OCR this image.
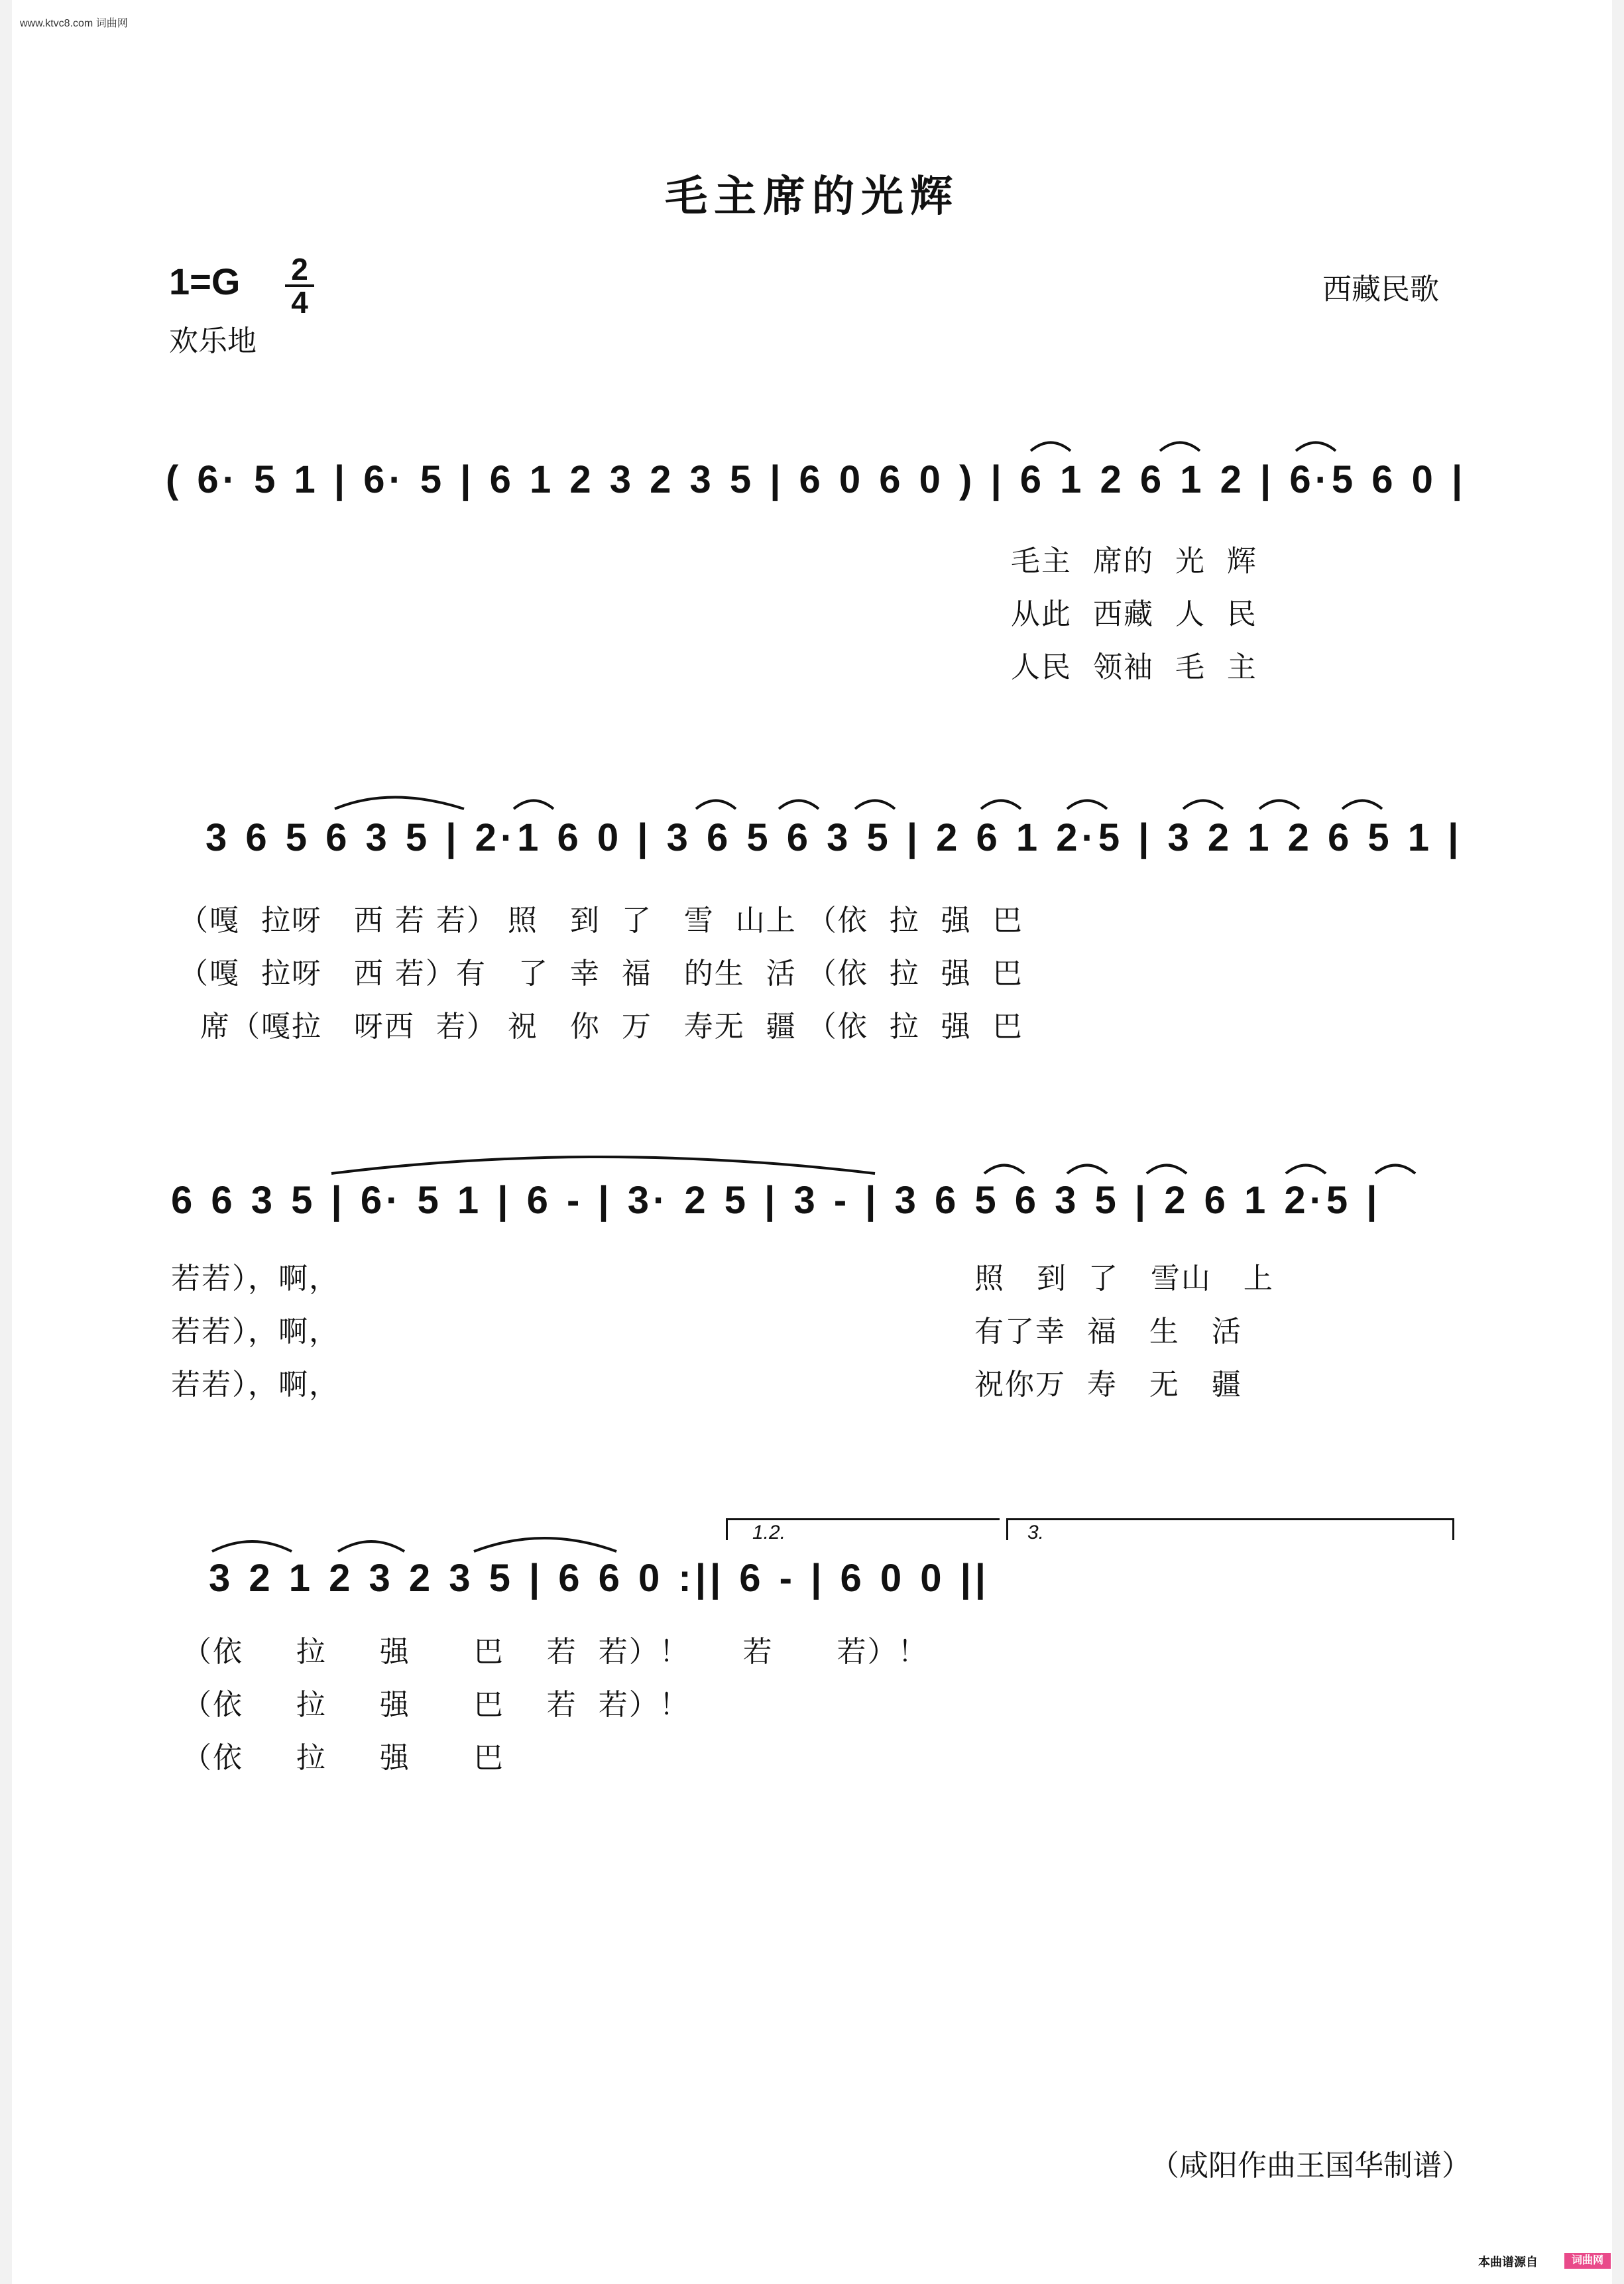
www.ktvc8.com 词曲网
毛主席的光辉
1=G 2
4
欢乐地
西藏民歌
( 6· 5 1 | 6· 5 | 6 1 2 3 2 3 5 | 6 0 6 0 ) | 6 1 2 6 1 2 | 6·5 6 0 |
毛主  席的  光  辉
从此  西藏  人  民
人民  领袖  毛  主
3 6 5 6 3 5 | 2·1 6 0 | 3 6 5 6 3 5 | 2 6 1 2·5 | 3 2 1 2 6 5 1 |
（嘎  拉呀   西 若 若） 照   到  了   雪  山上 （依  拉  强  巴
（嘎  拉呀   西 若）有   了  幸  福   的生  活 （依  拉  强  巴
席（嘎拉   呀西  若） 祝   你  万   寿无  疆 （依  拉  强  巴
6 6 3 5 | 6· 5 1 | 6 - | 3· 2 5 | 3 - | 3 6 5 6 3 5 | 2 6 1 2·5 |
若若），啊，
若若），啊，
若若），啊，
照   到  了   雪山   上
有了幸  福   生   活
祝你万  寿   无   疆
1.2.	3.
3 2 1 2 3 2 3 5 | 6 6 0 :|| 6 - | 6 0 0 ||
（依     拉     强      巴    若  若）！     若      若）！
（依     拉     强      巴    若  若）！
（依     拉     强      巴
（咸阳作曲王国华制谱）
本曲谱源自	词曲网
